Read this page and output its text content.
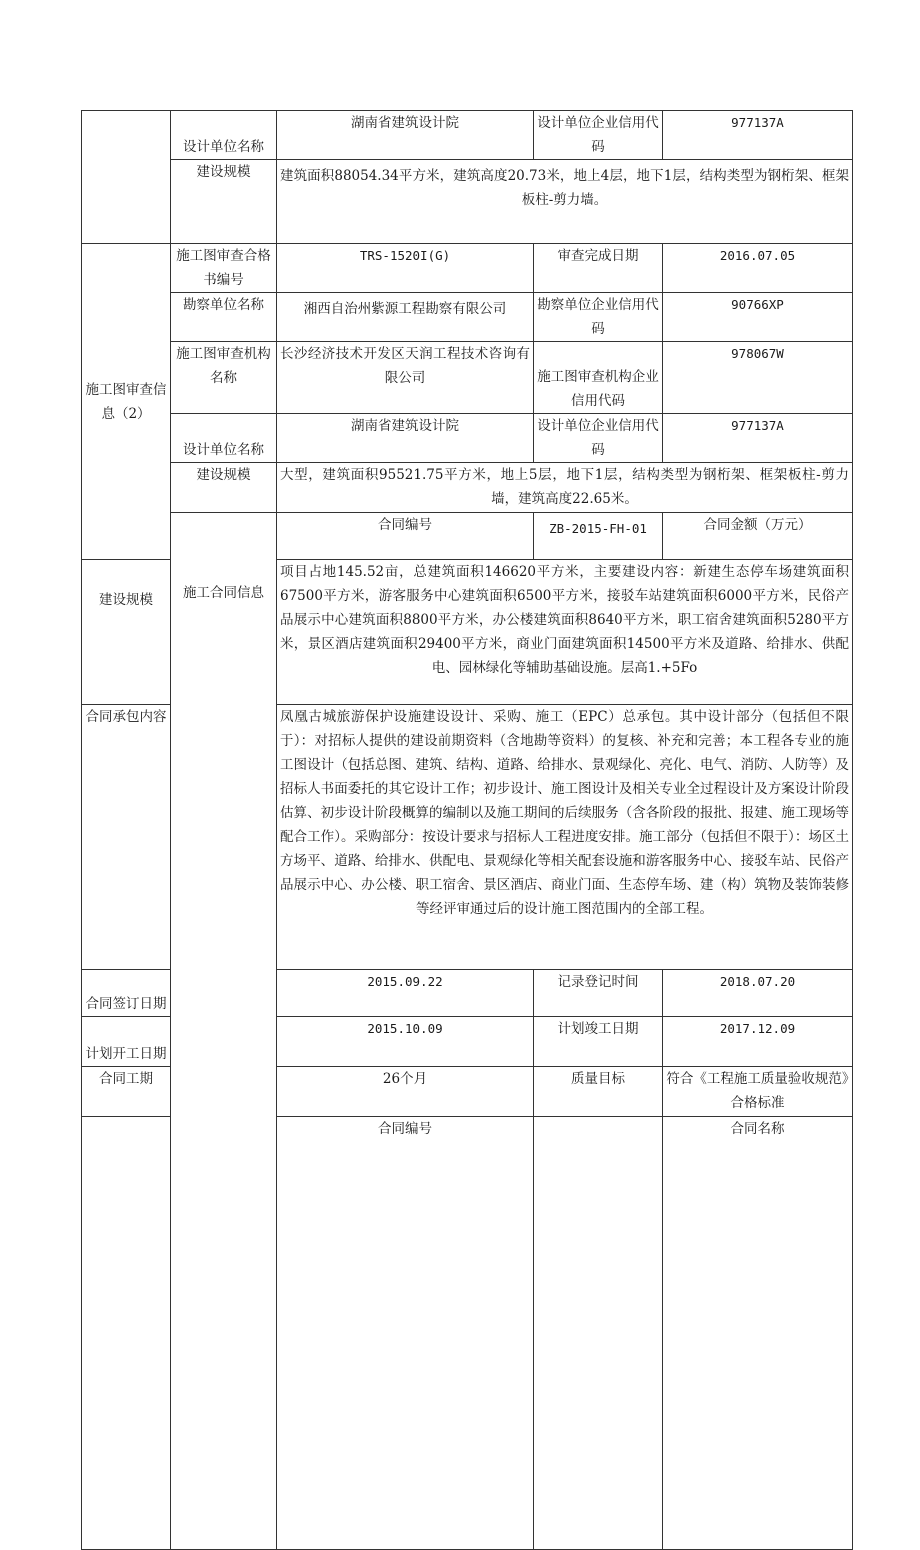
	设计单位名称	湖南省建筑设计院	设计单位企业信用代码	977137A	
	建设规模	建筑面积88054.34平方米，建筑高度20.73米，地上4层，地下1层，结构类型为钢桁架、框架板柱-剪力墙。			
施工图审查信息（2）	施工图审查合格书编号	TRS-1520I(G)	审查完成日期	2016.07.05	
	勘察单位名称	湘西自治州紫源工程勘察有限公司	勘察单位企业信用代码	90766XP	
	施工图审查机构名称	长沙经济技术开发区天润工程技术咨询有限公司	施工图审查机构企业信用代码	978067W	
	设计单位名称	湖南省建筑设计院	设计单位企业信用代码	977137A	
	建设规模	大型，建筑面积95521.75平方米，地上5层，地下1层，结构类型为钢桁架、框架板柱-剪力墙，建筑高度22.65米。			
	施工合同信息	合同编号	ZB-2015-FH-01	合同金额（万元）	
建设规模		项目占地145.52亩，总建筑面积146620平方米，主要建设内容：新建生态停车场建筑面积67500平方米，游客服务中心建筑面积6500平方米，接驳车站建筑面积6000平方米，民俗产品展示中心建筑面积8800平方米，办公楼建筑面积8640平方米，职工宿舍建筑面积5280平方米，景区酒店建筑面积29400平方米，商业门面建筑面积14500平方米及道路、给排水、供配电、园林绿化等辅助基础设施。层高1.+5Fo			
合同承包内容		凤凰古城旅游保护设施建设设计、采购、施工（EPC）总承包。其中设计部分（包括但不限于）：对招标人提供的建设前期资料（含地勘等资料）的复核、补充和完善；本工程各专业的施工图设计（包括总图、建筑、结构、道路、给排水、景观绿化、亮化、电气、消防、人防等）及招标人书面委托的其它设计工作；初步设计、施工图设计及相关专业全过程设计及方案设计阶段估算、初步设计阶段概算的编制以及施工期间的后续服务（含各阶段的报批、报建、施工现场等配合工作）。采购部分：按设计要求与招标人工程进度安排。施工部分（包括但不限于）：场区土方场平、道路、给排水、供配电、景观绿化等相关配套设施和游客服务中心、接驳车站、民俗产品展示中心、办公楼、职工宿舍、景区酒店、商业门面、生态停车场、建（构）筑物及装饰装修等经评审通过后的设计施工图范围内的全部工程。			
合同签订日期		2015.09.22	记录登记时间	2018.07.20	
计划开工日期		2015.10.09	计划竣工日期	2017.12.09	
合同工期		26个月	质量目标	符合《工程施工质量验收规范》合格标准	
		合同编号		合同名称	
